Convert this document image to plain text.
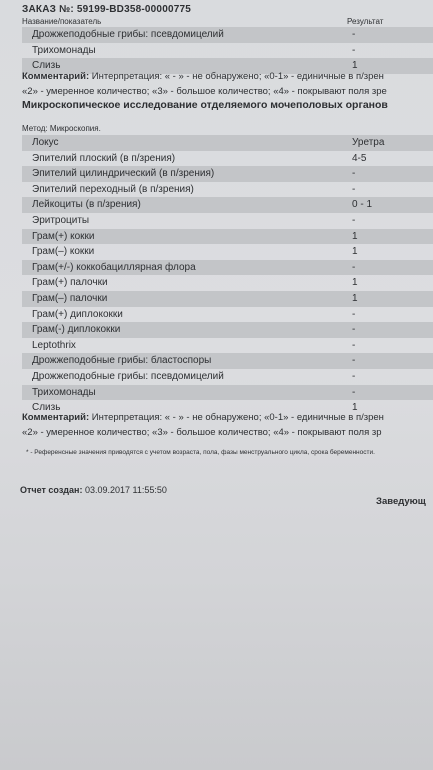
ЗАКАЗ №: 59199-BD358-00000775
Название/показатель	Результат
Дрожжеподобные грибы: псевдомицелий	-
Трихомонады	-
Слизь	1
Комментарий: Интерпретация: « - » - не обнаружено; «0-1» - единичные в п/зрен
«2» - умеренное количество; «3» - большое количество; «4» - покрывают поля зре
Микроскопическое исследование отделяемого мочеполовых органов
Метод: Микроскопия.
Локус	Уретра
Эпителий плоский (в п/зрения)	4-5
Эпителий цилиндрический (в п/зрения)	-
Эпителий переходный (в п/зрения)	-
Лейкоциты (в п/зрения)	0 - 1
Эритроциты	-
Грам(+) кокки	1
Грам(–) кокки	1
Грам(+/-) коккобациллярная флора	-
Грам(+) палочки	1
Грам(–) палочки	1
Грам(+) диплококки	-
Грам(-) диплококки	-
Leptothrix	-
Дрожжеподобные грибы: бластоспоры	-
Дрожжеподобные грибы: псевдомицелий	-
Трихомонады	-
Слизь	1
Комментарий: Интерпретация: « - » - не обнаружено; «0-1» - единичные в п/зрен
«2» - умеренное количество; «3» - большое количество; «4» - покрывают поля зр
* - Референсные значения приводятся с учетом возраста, пола, фазы менструального цикла, срока беременности.
Отчет создан: 03.09.2017 11:55:50
Заведующ
